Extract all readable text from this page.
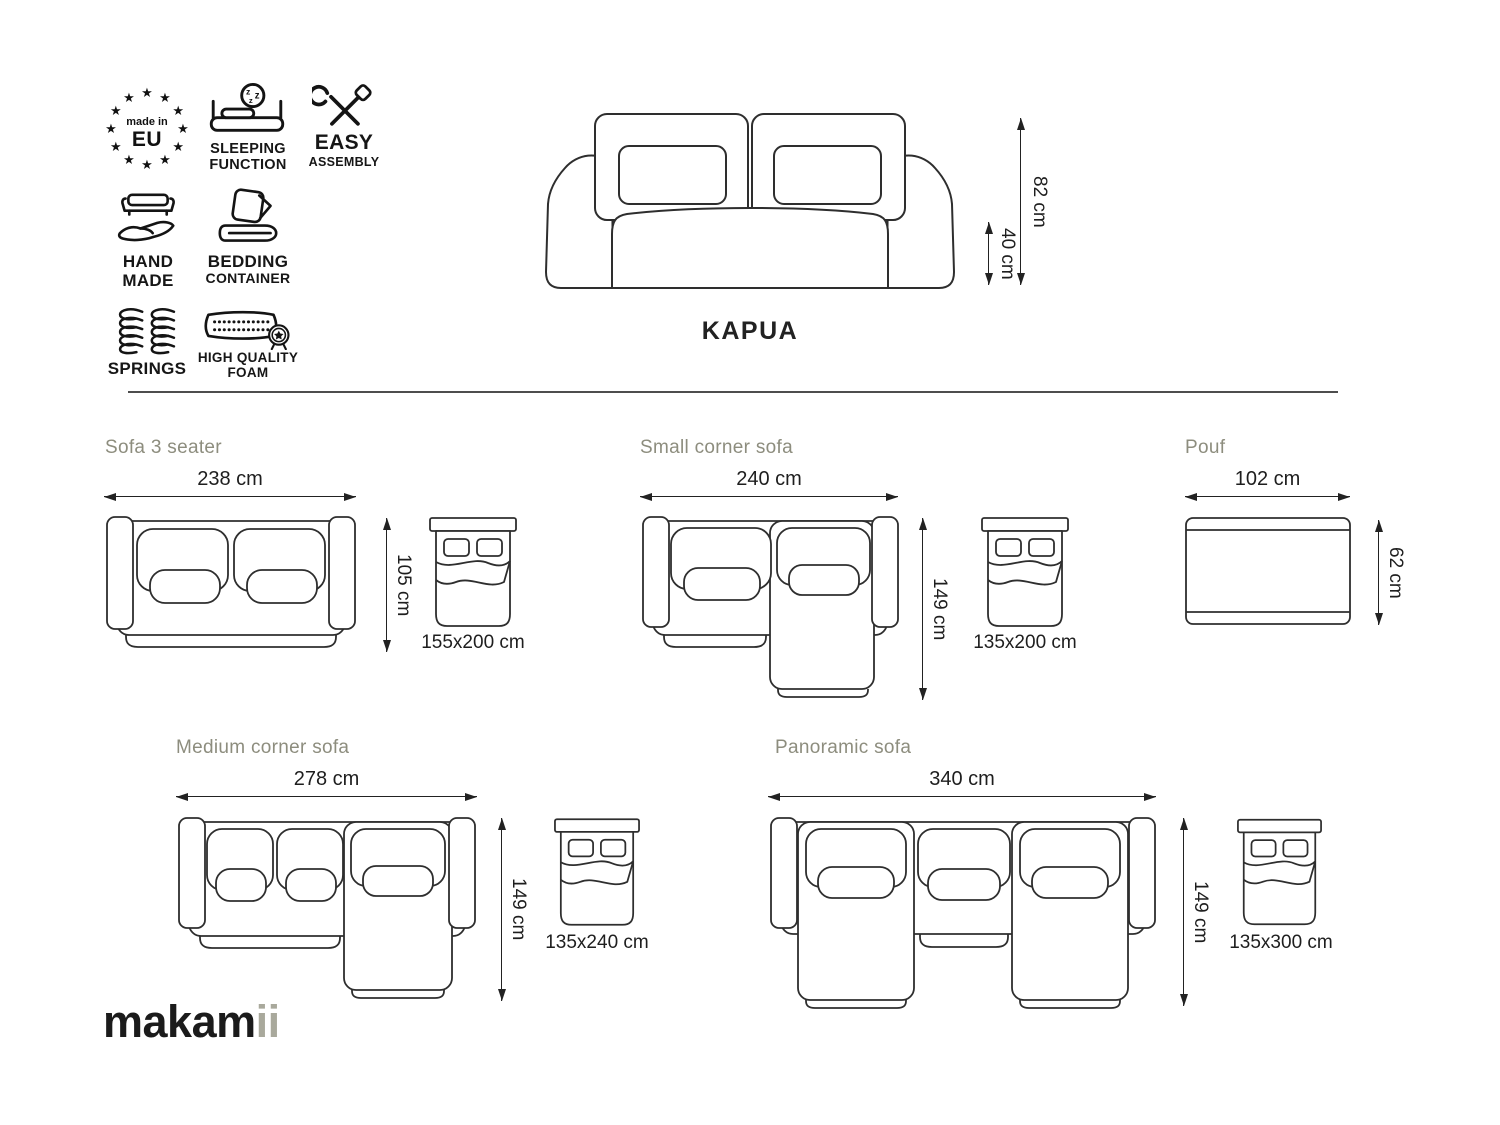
★ ★
★
★
★
★
★
★
★
★
★
★
made in
EU
z z
z
SLEEPING
FUNCTION
EASY
ASSEMBLY
HAND
MADE
BEDDING
CONTAINER
SPRINGS
HIGH QUALITY
FOAM
82 cm
40 cm
KAPUA
Sofa 3 seater
238 cm
105 cm
155x200 cm
Small corner sofa
240 cm
149 cm
135x200 cm
Pouf
102 cm
62 cm
Medium corner sofa
278 cm
149 cm
135x240 cm
Panoramic sofa
340 cm
149 cm 135x300 cm
makamii
